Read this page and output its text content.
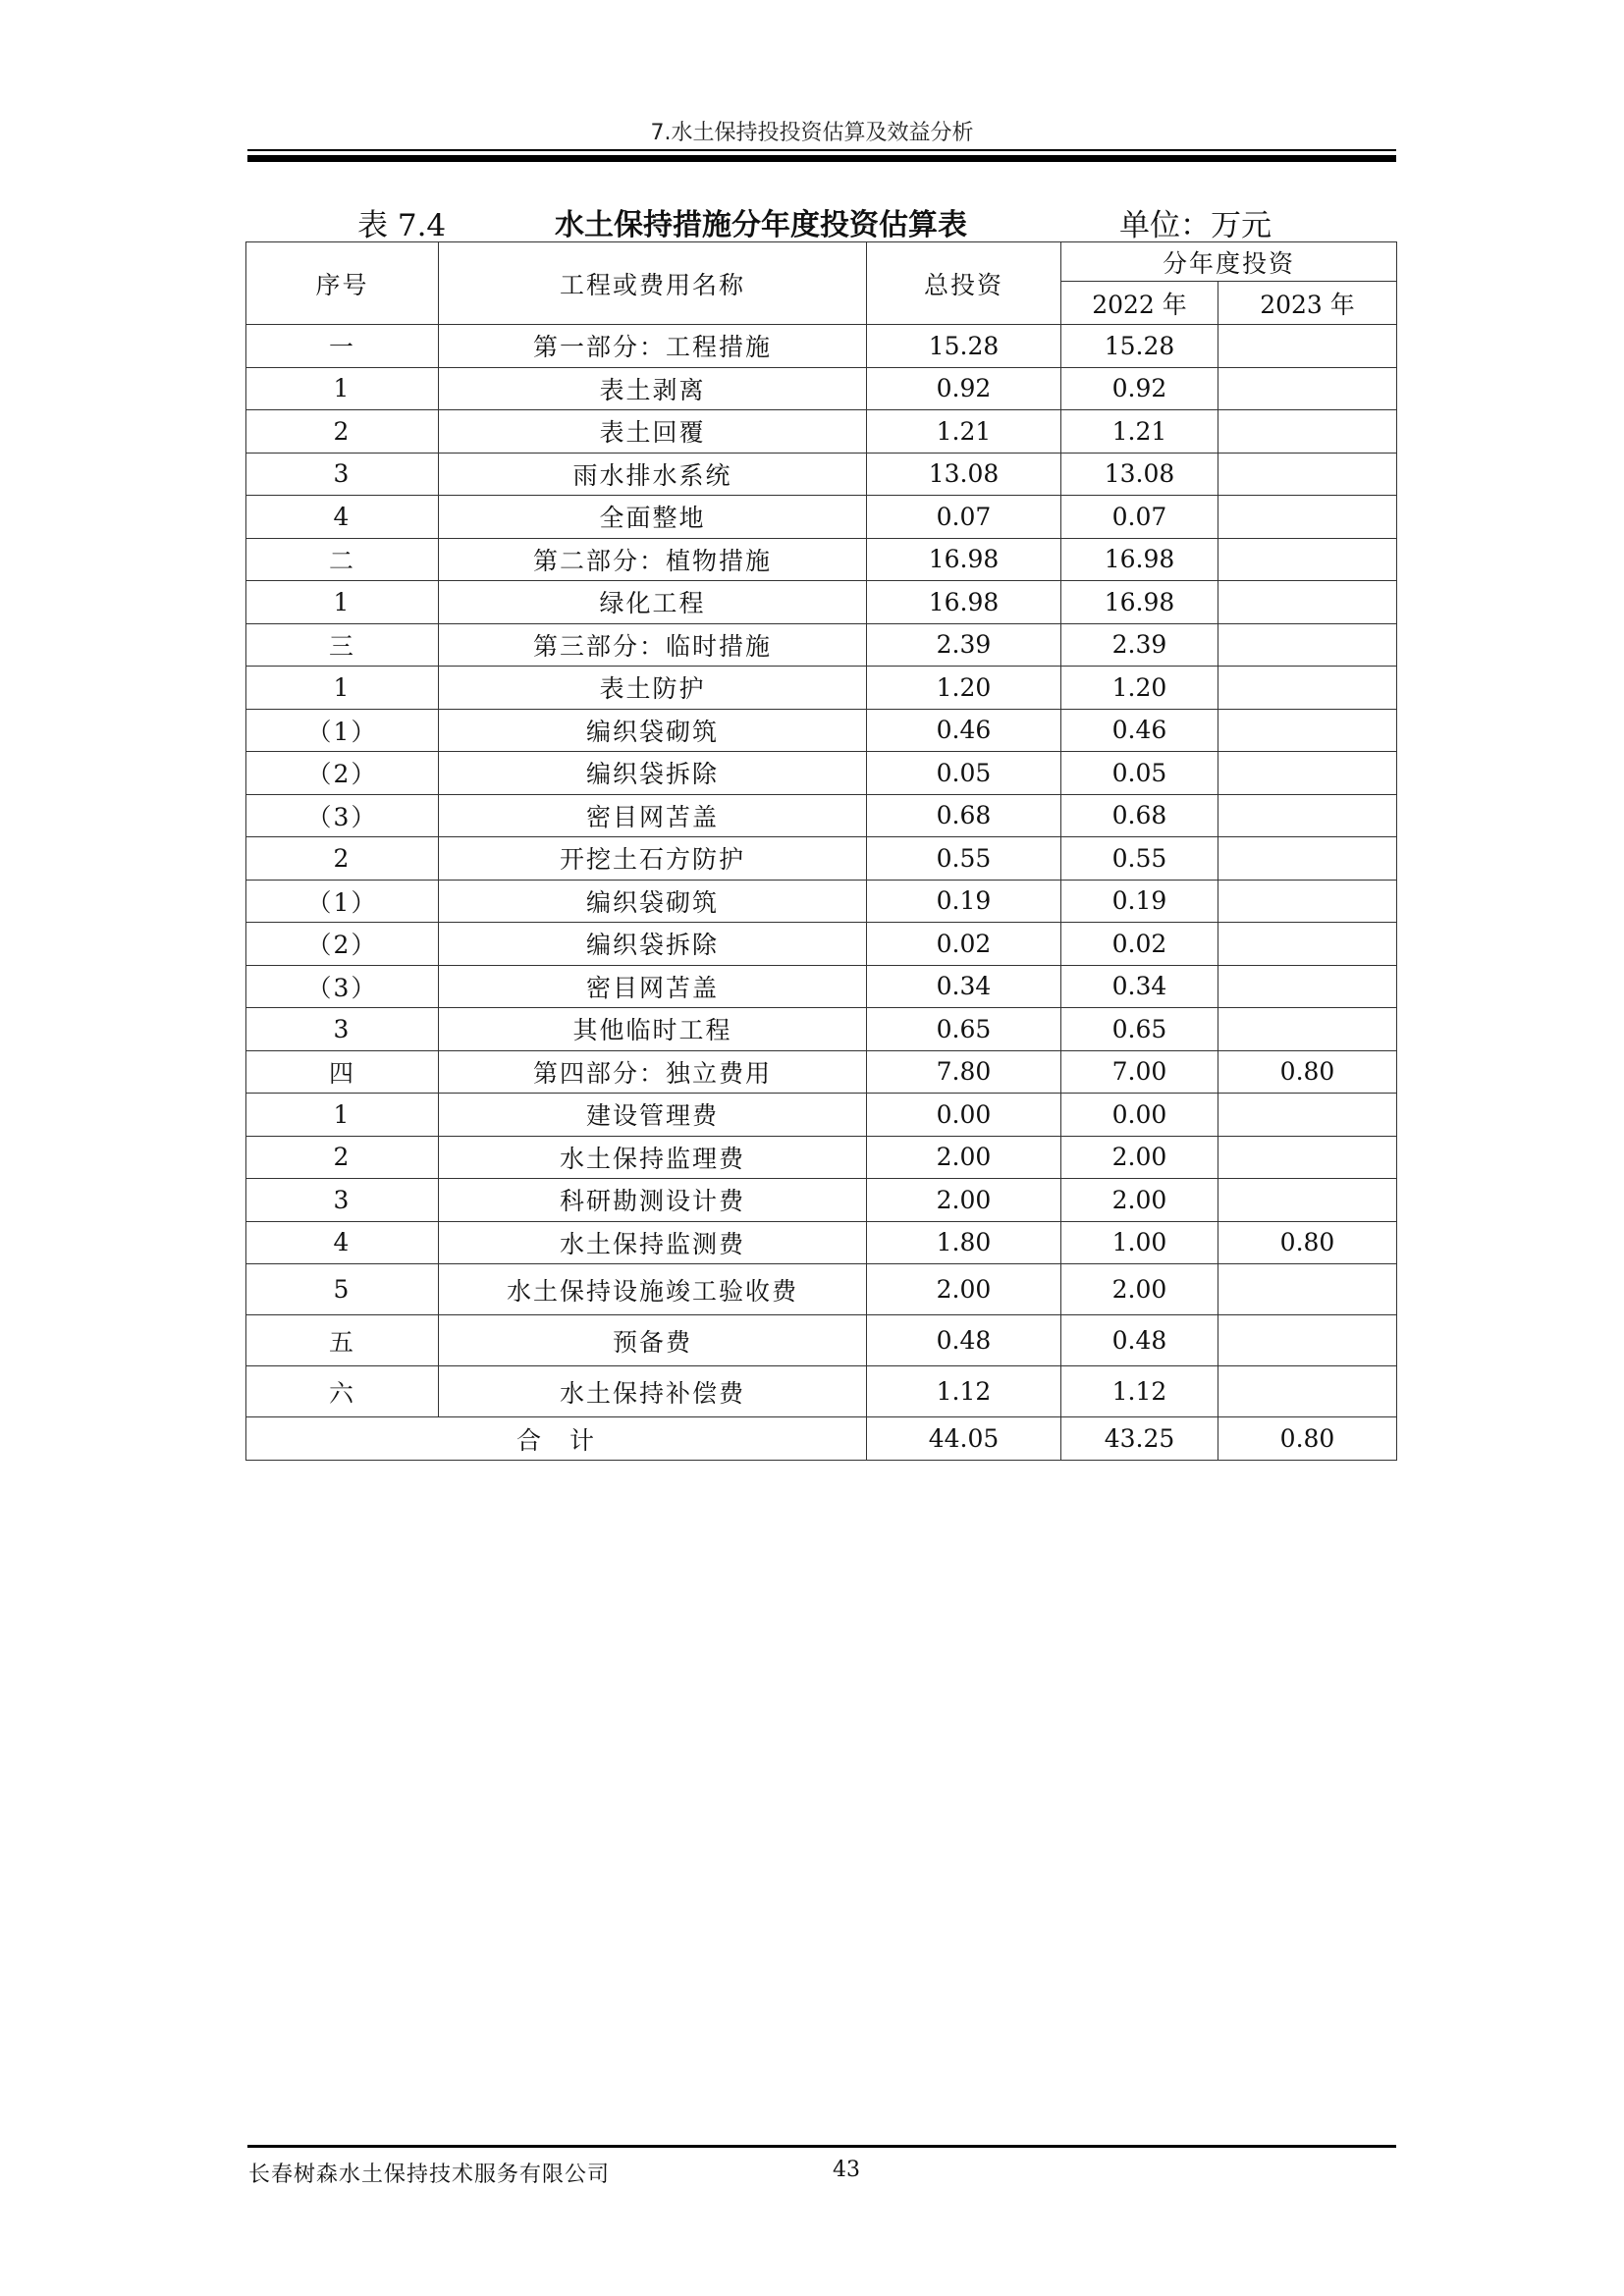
7.水土保持投投资估算及效益分析
表 7.4	水土保持措施分年度投资估算表	单位：万元
序号	工程或费用名称	总投资	分年度投资	
			2022 年	2023 年
一	第一部分：工程措施	15.28	15.28	
1	表土剥离	0.92	0.92	
2	表土回覆	1.21	1.21	
3	雨水排水系统	13.08	13.08	
4	全面整地	0.07	0.07	
二	第二部分：植物措施	16.98	16.98	
1	绿化工程	16.98	16.98	
三	第三部分：临时措施	2.39	2.39	
1	表土防护	1.20	1.20	
（1）	编织袋砌筑	0.46	0.46	
（2）	编织袋拆除	0.05	0.05	
（3）	密目网苫盖	0.68	0.68	
2	开挖土石方防护	0.55	0.55	
（1）	编织袋砌筑	0.19	0.19	
（2）	编织袋拆除	0.02	0.02	
（3）	密目网苫盖	0.34	0.34	
3	其他临时工程	0.65	0.65	
四	第四部分：独立费用	7.80	7.00	0.80
1	建设管理费	0.00	0.00	
2	水土保持监理费	2.00	2.00	
3	科研勘测设计费	2.00	2.00	
4	水土保持监测费	1.80	1.00	0.80
5	水土保持设施竣工验收费	2.00	2.00	
五	预备费	0.48	0.48	
六	水土保持补偿费	1.12	1.12	
合　计		44.05	43.25	0.80
长春树森水土保持技术服务有限公司	43
